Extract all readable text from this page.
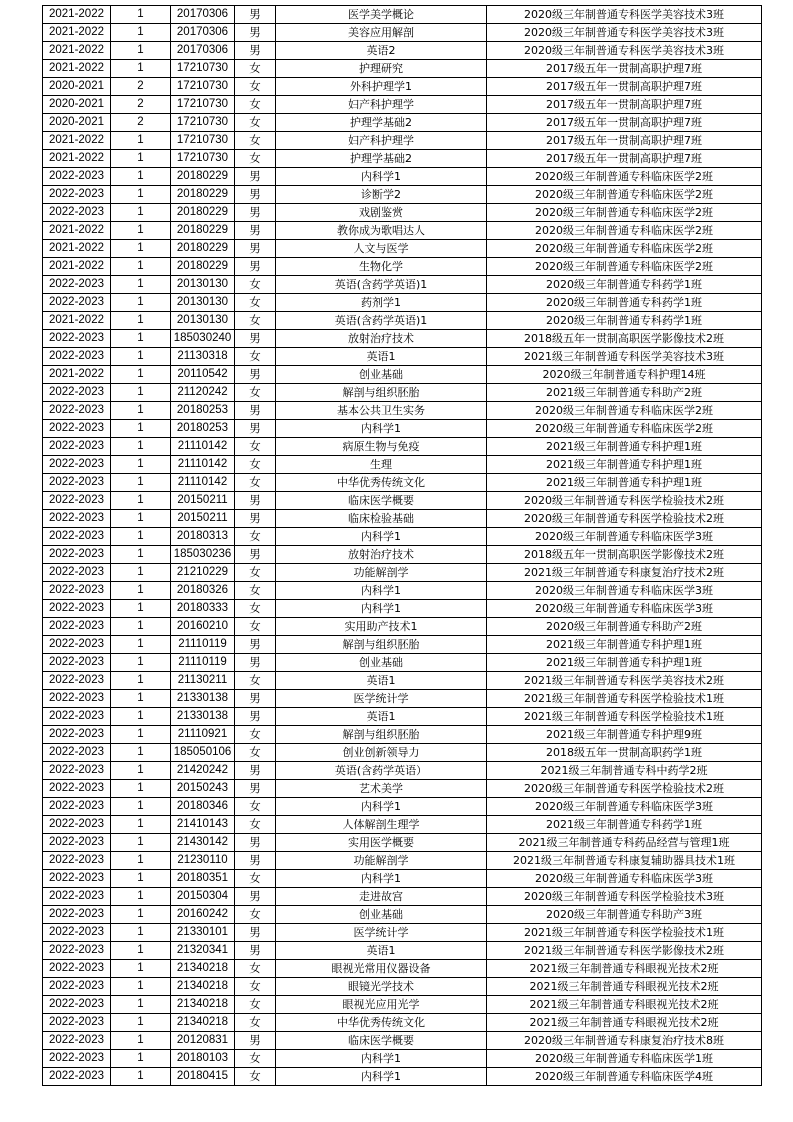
2021-2022	1	20170306	男	医学美学概论	2020级三年制普通专科医学美容技术3班
2021-2022	1	20170306	男	美容应用解剖	2020级三年制普通专科医学美容技术3班
2021-2022	1	20170306	男	英语2	2020级三年制普通专科医学美容技术3班
2021-2022	1	17210730	女	护理研究	2017级五年一贯制高职护理7班
2020-2021	2	17210730	女	外科护理学1	2017级五年一贯制高职护理7班
2020-2021	2	17210730	女	妇产科护理学	2017级五年一贯制高职护理7班
2020-2021	2	17210730	女	护理学基础2	2017级五年一贯制高职护理7班
2021-2022	1	17210730	女	妇产科护理学	2017级五年一贯制高职护理7班
2021-2022	1	17210730	女	护理学基础2	2017级五年一贯制高职护理7班
2022-2023	1	20180229	男	内科学1	2020级三年制普通专科临床医学2班
2022-2023	1	20180229	男	诊断学2	2020级三年制普通专科临床医学2班
2022-2023	1	20180229	男	戏剧鉴赏	2020级三年制普通专科临床医学2班
2021-2022	1	20180229	男	教你成为歌唱达人	2020级三年制普通专科临床医学2班
2021-2022	1	20180229	男	人文与医学	2020级三年制普通专科临床医学2班
2021-2022	1	20180229	男	生物化学	2020级三年制普通专科临床医学2班
2022-2023	1	20130130	女	英语(含药学英语)1	2020级三年制普通专科药学1班
2022-2023	1	20130130	女	药剂学1	2020级三年制普通专科药学1班
2021-2022	1	20130130	女	英语(含药学英语)1	2020级三年制普通专科药学1班
2022-2023	1	185030240	男	放射治疗技术	2018级五年一贯制高职医学影像技术2班
2022-2023	1	21130318	女	英语1	2021级三年制普通专科医学美容技术3班
2021-2022	1	20110542	男	创业基础	2020级三年制普通专科护理14班
2022-2023	1	21120242	女	解剖与组织胚胎	2021级三年制普通专科助产2班
2022-2023	1	20180253	男	基本公共卫生实务	2020级三年制普通专科临床医学2班
2022-2023	1	20180253	男	内科学1	2020级三年制普通专科临床医学2班
2022-2023	1	21110142	女	病原生物与免疫	2021级三年制普通专科护理1班
2022-2023	1	21110142	女	生理	2021级三年制普通专科护理1班
2022-2023	1	21110142	女	中华优秀传统文化	2021级三年制普通专科护理1班
2022-2023	1	20150211	男	临床医学概要	2020级三年制普通专科医学检验技术2班
2022-2023	1	20150211	男	临床检验基础	2020级三年制普通专科医学检验技术2班
2022-2023	1	20180313	女	内科学1	2020级三年制普通专科临床医学3班
2022-2023	1	185030236	男	放射治疗技术	2018级五年一贯制高职医学影像技术2班
2022-2023	1	21210229	女	功能解剖学	2021级三年制普通专科康复治疗技术2班
2022-2023	1	20180326	女	内科学1	2020级三年制普通专科临床医学3班
2022-2023	1	20180333	女	内科学1	2020级三年制普通专科临床医学3班
2022-2023	1	20160210	女	实用助产技术1	2020级三年制普通专科助产2班
2022-2023	1	21110119	男	解剖与组织胚胎	2021级三年制普通专科护理1班
2022-2023	1	21110119	男	创业基础	2021级三年制普通专科护理1班
2022-2023	1	21130211	女	英语1	2021级三年制普通专科医学美容技术2班
2022-2023	1	21330138	男	医学统计学	2021级三年制普通专科医学检验技术1班
2022-2023	1	21330138	男	英语1	2021级三年制普通专科医学检验技术1班
2022-2023	1	21110921	女	解剖与组织胚胎	2021级三年制普通专科护理9班
2022-2023	1	185050106	女	创业创新领导力	2018级五年一贯制高职药学1班
2022-2023	1	21420242	男	英语(含药学英语）	2021级三年制普通专科中药学2班
2022-2023	1	20150243	男	艺术美学	2020级三年制普通专科医学检验技术2班
2022-2023	1	20180346	女	内科学1	2020级三年制普通专科临床医学3班
2022-2023	1	21410143	女	人体解剖生理学	2021级三年制普通专科药学1班
2022-2023	1	21430142	男	实用医学概要	2021级三年制普通专科药品经营与管理1班
2022-2023	1	21230110	男	功能解剖学	2021级三年制普通专科康复辅助器具技术1班
2022-2023	1	20180351	女	内科学1	2020级三年制普通专科临床医学3班
2022-2023	1	20150304	男	走进故宫	2020级三年制普通专科医学检验技术3班
2022-2023	1	20160242	女	创业基础	2020级三年制普通专科助产3班
2022-2023	1	21330101	男	医学统计学	2021级三年制普通专科医学检验技术1班
2022-2023	1	21320341	男	英语1	2021级三年制普通专科医学影像技术2班
2022-2023	1	21340218	女	眼视光常用仪器设备	2021级三年制普通专科眼视光技术2班
2022-2023	1	21340218	女	眼镜光学技术	2021级三年制普通专科眼视光技术2班
2022-2023	1	21340218	女	眼视光应用光学	2021级三年制普通专科眼视光技术2班
2022-2023	1	21340218	女	中华优秀传统文化	2021级三年制普通专科眼视光技术2班
2022-2023	1	20120831	男	临床医学概要	2020级三年制普通专科康复治疗技术8班
2022-2023	1	20180103	女	内科学1	2020级三年制普通专科临床医学1班
2022-2023	1	20180415	女	内科学1	2020级三年制普通专科临床医学4班
